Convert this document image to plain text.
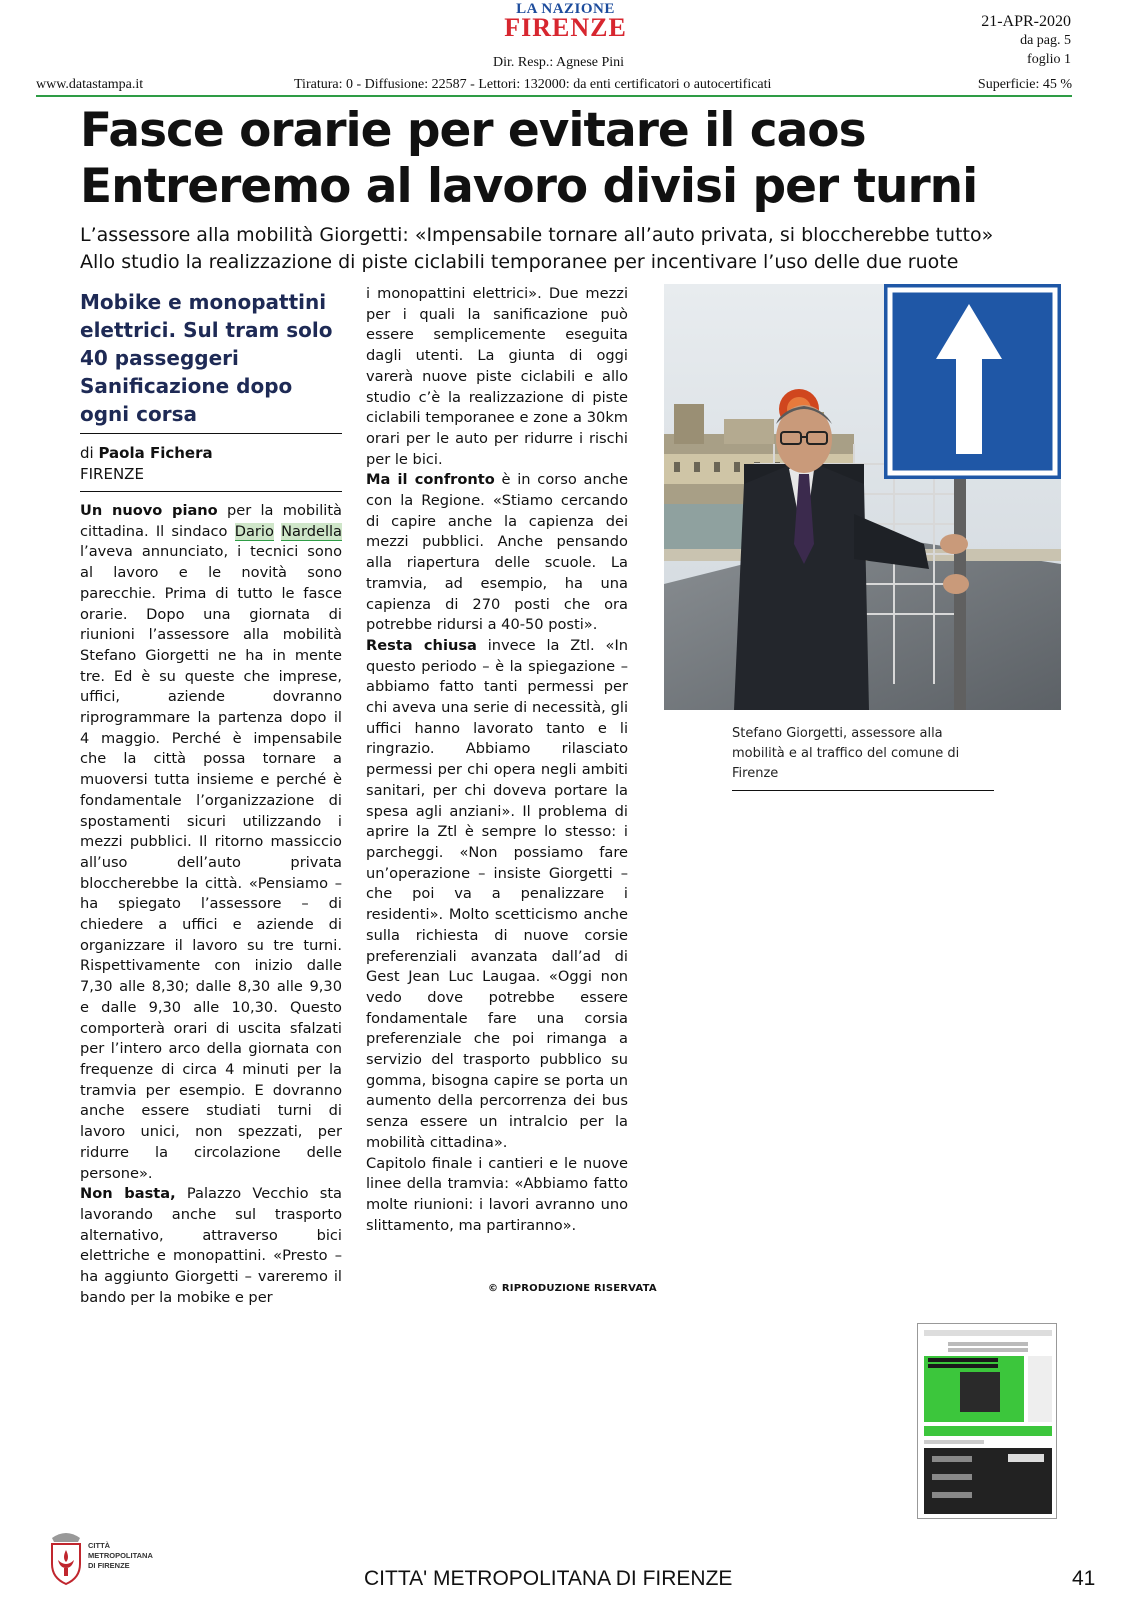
LA NAZIONE
FIRENZE	21-APR-2020
da pag. 5
foglio 1
Dir. Resp.: Agnese Pini
www.datastampa.it	Tiratura: 0 - Diffusione: 22587 - Lettori: 132000: da enti certificatori o autocertificati	Superficie: 45 %
Fasce orarie per evitare il caos
Entreremo al lavoro divisi per turni
L’assessore alla mobilità Giorgetti: «Impensabile tornare all’auto privata, si bloccherebbe tutto»
Allo studio la realizzazione di piste ciclabili temporanee per incentivare l’uso delle due ruote
Mobike e monopattini elettrici. Sul tram solo 40 passeggeri Sanificazione dopo ogni corsa
di Paola Fichera
FIRENZE

Un nuovo piano per la mobilità cittadina. Il sindaco Dario Nardella l’aveva annunciato, i tecnici sono al lavoro e le novità sono parecchie. Prima di tutto le fasce orarie. Dopo una giornata di riunioni l’assessore alla mobilità Stefano Giorgetti ne ha in mente tre. Ed è su queste che imprese, uffici, aziende dovranno riprogrammare la partenza dopo il 4 maggio. Perché è impensabile che la città possa tornare a muoversi tutta insieme e perché è fondamentale l’organizzazione di spostamenti sicuri utilizzando i mezzi pubblici. Il ritorno massiccio all’uso dell’auto privata bloccherebbe la città. «Pensiamo – ha spiegato l’assessore – di chiedere a uffici e aziende di organizzare il lavoro su tre turni. Rispettivamente con inizio dalle 7,30 alle 8,30; dalle 8,30 alle 9,30 e dalle 9,30 alle 10,30. Questo comporterà orari di uscita sfalzati per l’intero arco della giornata con frequenze di circa 4 minuti per la tramvia per esempio. E dovranno anche essere studiati turni di lavoro unici, non spezzati, per ridurre la circolazione delle persone».

Non basta, Palazzo Vecchio sta lavorando anche sul trasporto alternativo, attraverso bici elettriche e monopattini. «Presto – ha aggiunto Giorgetti – vareremo il bando per la mobike e per

i monopattini elettrici». Due mezzi per i quali la sanificazione può essere semplicemente eseguita dagli utenti. La giunta di oggi varerà nuove piste ciclabili e allo studio c’è la realizzazione di piste ciclabili temporanee e zone a 30km orari per le auto per ridurre i rischi per le bici.

Ma il confronto è in corso anche con la Regione. «Stiamo cercando di capire anche la capienza dei mezzi pubblici. Anche pensando alla riapertura delle scuole. La tramvia, ad esempio, ha una capienza di 270 posti che ora potrebbe ridursi a 40-50 posti».

Resta chiusa invece la Ztl. «In questo periodo – è la spiegazione – abbiamo fatto tanti permessi per chi aveva una serie di necessità, gli uffici hanno lavorato tanto e li ringrazio. Abbiamo rilasciato permessi per chi opera negli ambiti sanitari, per chi doveva portare la spesa agli anziani». Il problema di aprire la Ztl è sempre lo stesso: i parcheggi. «Non possiamo fare un’operazione – insiste Giorgetti – che poi va a penalizzare i residenti». Molto scetticismo anche sulla richiesta di nuove corsie preferenziali avanzata dall’ad di Gest Jean Luc Laugaa. «Oggi non vedo dove potrebbe essere fondamentale fare una corsia preferenziale che poi rimanga a servizio del trasporto pubblico su gomma, bisogna capire se porta un aumento della percorrenza dei bus senza essere un intralcio per la mobilità cittadina».

Capitolo finale i cantieri e le nuove linee della tramvia: «Abbiamo fatto molte riunioni: i lavori avranno uno slittamento, ma partiranno».

© RIPRODUZIONE RISERVATA
Stefano Giorgetti, assessore alla mobilità e al traffico del comune di Firenze
CITTÀ
METROPOLITANA
DI FIRENZE
CITTA' METROPOLITANA DI FIRENZE	41
